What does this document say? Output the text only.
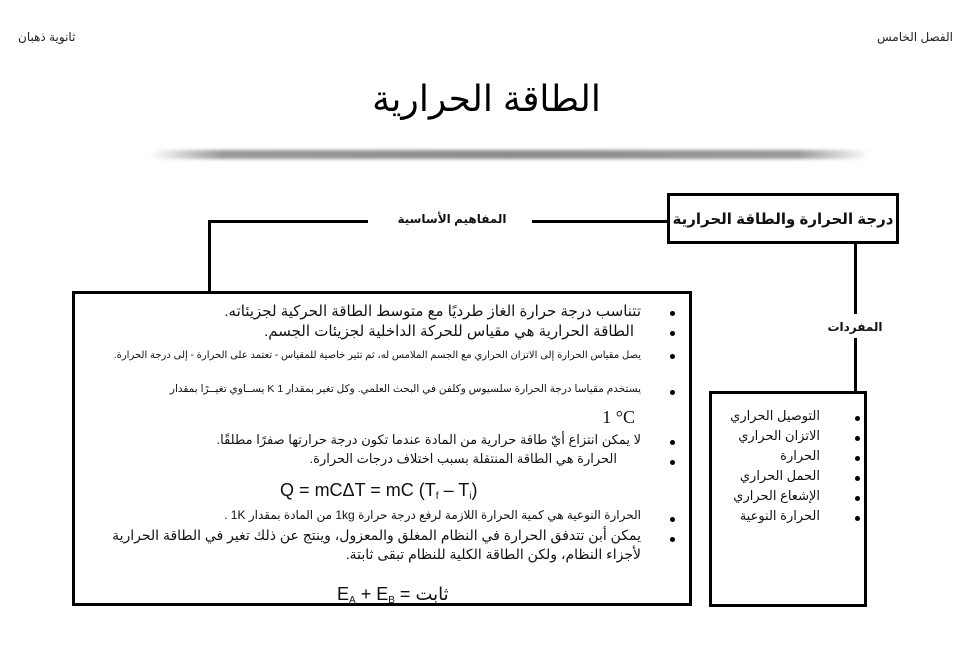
ثانوية ذهبان	الفصل الخامس
الطاقة الحرارية
درجة الحرارة والطاقة الحرارية
المفاهيم الأساسية
المفردات
تتناسب درجة حرارة الغاز طرديًا مع متوسط الطاقة الحركية لجزيئاته.
الطاقة الحرارية هي مقياس للحركة الداخلية لجزيئات الجسم.
يصل مقياس الحرارة إلى الاتزان الحراري مع الجسم الملامس له، ثم تثير خاصية للمقياس - تعتمد على الحرارة - إلى درجة الحرارة.
يستخدم مقياسا درجة الحرارة سلسيوس وكلفن في البحث العلمي. وكل تغير بمقدار 1 K يســاوي تغيــرًا بمقدار
1 °C
لا يمكن انتزاع أيّ طاقة حرارية من المادة عندما تكون درجة حرارتها صفرًا مطلقًا.
الحرارة هي الطاقة المنتقلة بسبب اختلاف درجات الحرارة.
Q = mCΔT = mC $(T_f - T_i)$
الحرارة النوعية هي كمية الحرارة اللازمة لرفع درجة حرارة 1kg من المادة بمقدار 1K .
يمكن أبن تتدفق الحرارة في النظام المغلق والمعزول، وينتج عن ذلك تغير في الطاقة الحرارية لأجزاء النظام، ولكن الطاقة الكلية للنظام تبقى ثابتة.
$E_A + E_B$ = ثابت
التوصيل الحراري
الاتزان الحراري
الحرارة
الحمل الحراري
الإشعاع الحراري
الحرارة النوعية
